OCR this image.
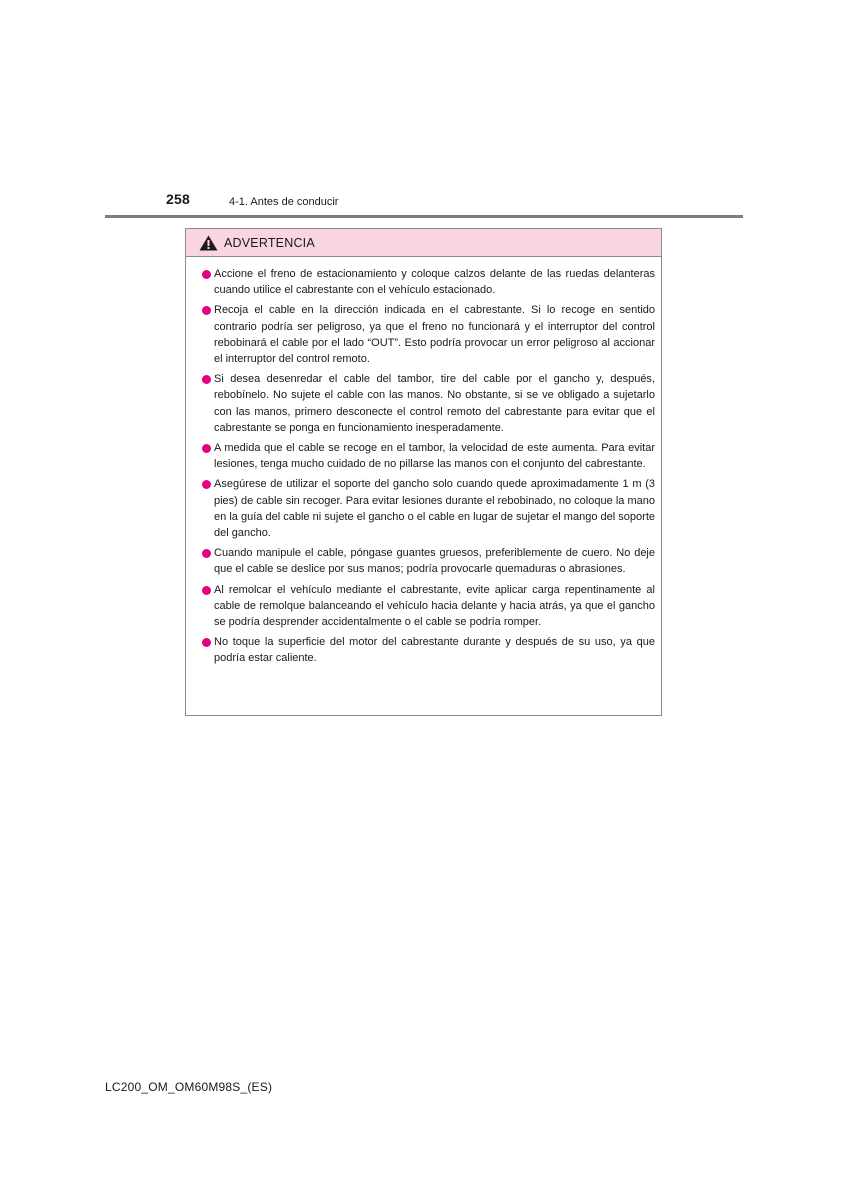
258	4-1. Antes de conducir
ADVERTENCIA
Accione el freno de estacionamiento y coloque calzos delante de las ruedas delanteras cuando utilice el cabrestante con el vehículo estacionado.
Recoja el cable en la dirección indicada en el cabrestante. Si lo recoge en sentido contrario podría ser peligroso, ya que el freno no funcionará y el interruptor del control rebobinará el cable por el lado “OUT”. Esto podría provocar un error peligroso al accionar el interruptor del control remoto.
Si desea desenredar el cable del tambor, tire del cable por el gancho y, después, rebobínelo. No sujete el cable con las manos. No obstante, si se ve obligado a sujetarlo con las manos, primero desconecte el control remoto del cabrestante para evitar que el cabrestante se ponga en funcionamiento inesperadamente.
A medida que el cable se recoge en el tambor, la velocidad de este aumenta. Para evitar lesiones, tenga mucho cuidado de no pillarse las manos con el conjunto del cabrestante.
Asegúrese de utilizar el soporte del gancho solo cuando quede aproximadamente 1 m (3 pies) de cable sin recoger. Para evitar lesiones durante el rebobinado, no coloque la mano en la guía del cable ni sujete el gancho o el cable en lugar de sujetar el mango del soporte del gancho.
Cuando manipule el cable, póngase guantes gruesos, preferiblemente de cuero. No deje que el cable se deslice por sus manos; podría provocarle quemaduras o abrasiones.
Al remolcar el vehículo mediante el cabrestante, evite aplicar carga repentinamente al cable de remolque balanceando el vehículo hacia delante y hacia atrás, ya que el gancho se podría desprender accidentalmente o el cable se podría romper.
No toque la superficie del motor del cabrestante durante y después de su uso, ya que podría estar caliente.
LC200_OM_OM60M98S_(ES)
